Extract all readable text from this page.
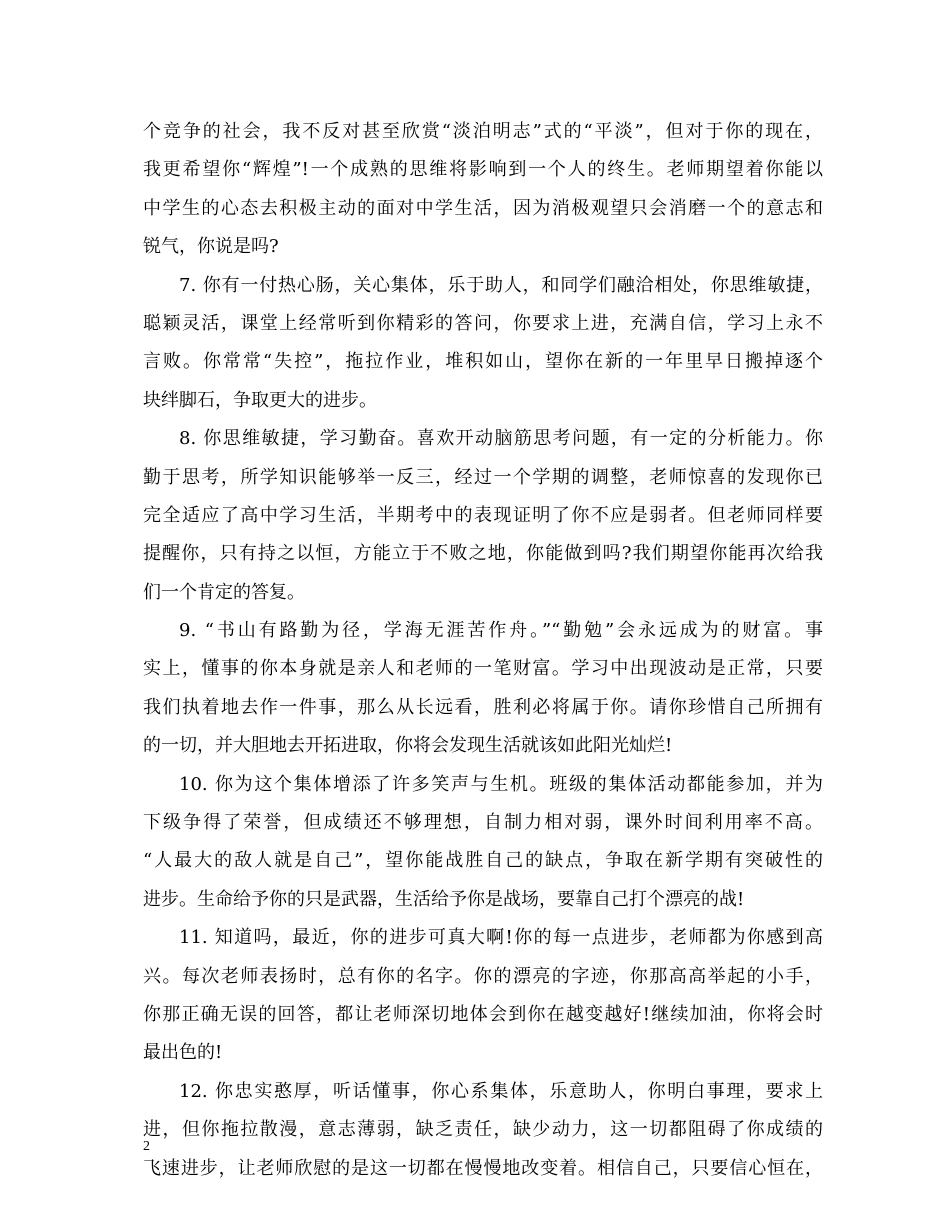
个竞争的社会，我不反对甚至欣赏“淡泊明志”式的“平淡”，但对于你的现在，
我更希望你“辉煌”!一个成熟的思维将影响到一个人的终生。老师期望着你能以
中学生的心态去积极主动的面对中学生活，因为消极观望只会消磨一个的意志和
锐气，你说是吗?
7. 你有一付热心肠，关心集体，乐于助人，和同学们融洽相处，你思维敏捷，
聪颖灵活，课堂上经常听到你精彩的答问，你要求上进，充满自信，学习上永不
言败。你常常“失控”，拖拉作业，堆积如山，望你在新的一年里早日搬掉逐个
块绊脚石，争取更大的进步。
8. 你思维敏捷，学习勤奋。喜欢开动脑筋思考问题，有一定的分析能力。你
勤于思考，所学知识能够举一反三，经过一个学期的调整，老师惊喜的发现你已
完全适应了高中学习生活，半期考中的表现证明了你不应是弱者。但老师同样要
提醒你，只有持之以恒，方能立于不败之地，你能做到吗?我们期望你能再次给我
们一个肯定的答复。
9. “书山有路勤为径，学海无涯苦作舟。”“勤勉”会永远成为的财富。事
实上，懂事的你本身就是亲人和老师的一笔财富。学习中出现波动是正常，只要
我们执着地去作一件事，那么从长远看，胜利必将属于你。请你珍惜自己所拥有
的一切，并大胆地去开拓进取，你将会发现生活就该如此阳光灿烂!
10. 你为这个集体增添了许多笑声与生机。班级的集体活动都能参加，并为
下级争得了荣誉，但成绩还不够理想，自制力相对弱，课外时间利用率不高。
“人最大的敌人就是自己”，望你能战胜自己的缺点，争取在新学期有突破性的
进步。生命给予你的只是武器，生活给予你是战场，要靠自己打个漂亮的战!
11. 知道吗，最近，你的进步可真大啊!你的每一点进步，老师都为你感到高
兴。每次老师表扬时，总有你的名字。你的漂亮的字迹，你那高高举起的小手，
你那正确无误的回答，都让老师深切地体会到你在越变越好!继续加油，你将会时
最出色的!
12. 你忠实憨厚，听话懂事，你心系集体，乐意助人，你明白事理，要求上
进，但你拖拉散漫，意志薄弱，缺乏责任，缺少动力，这一切都阻碍了你成绩的
飞速进步，让老师欣慰的是这一切都在慢慢地改变着。相信自己，只要信心恒在，
2
